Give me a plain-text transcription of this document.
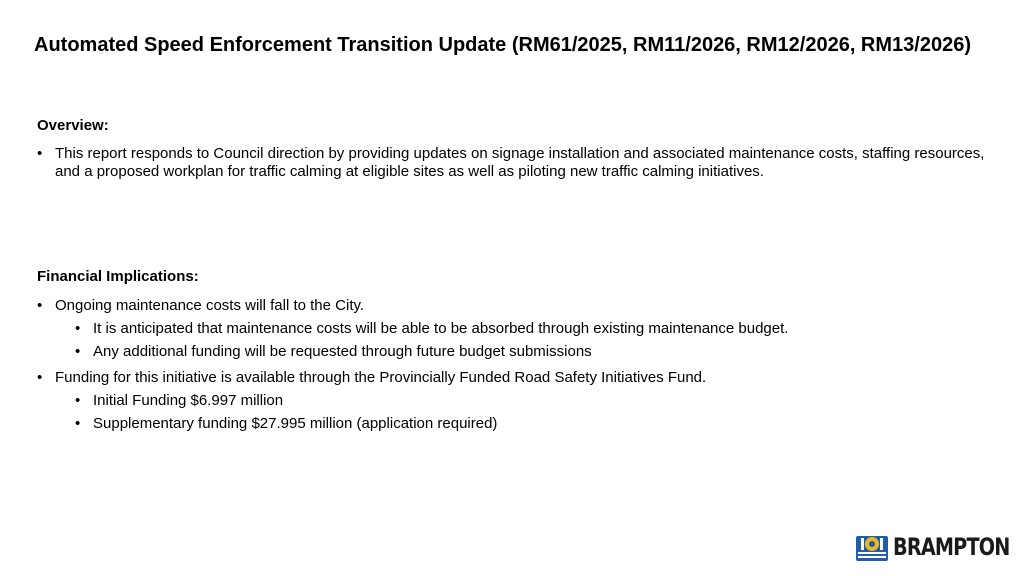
Automated Speed Enforcement Transition Update (RM61/2025, RM11/2026, RM12/2026, RM13/2026)
Overview:
• This report responds to Council direction by providing updates on signage installation and associated maintenance costs, staffing resources, and a proposed workplan for traffic calming at eligible sites as well as piloting new traffic calming initiatives.
Financial Implications:
• Ongoing maintenance costs will fall to the City.
• It is anticipated that maintenance costs will be able to be absorbed through existing maintenance budget.
• Any additional funding will be requested through future budget submissions
• Funding for this initiative is available through the Provincially Funded Road Safety Initiatives Fund.
• Initial Funding $6.997 million
• Supplementary funding $27.995 million (application required)
BRAMPTON
